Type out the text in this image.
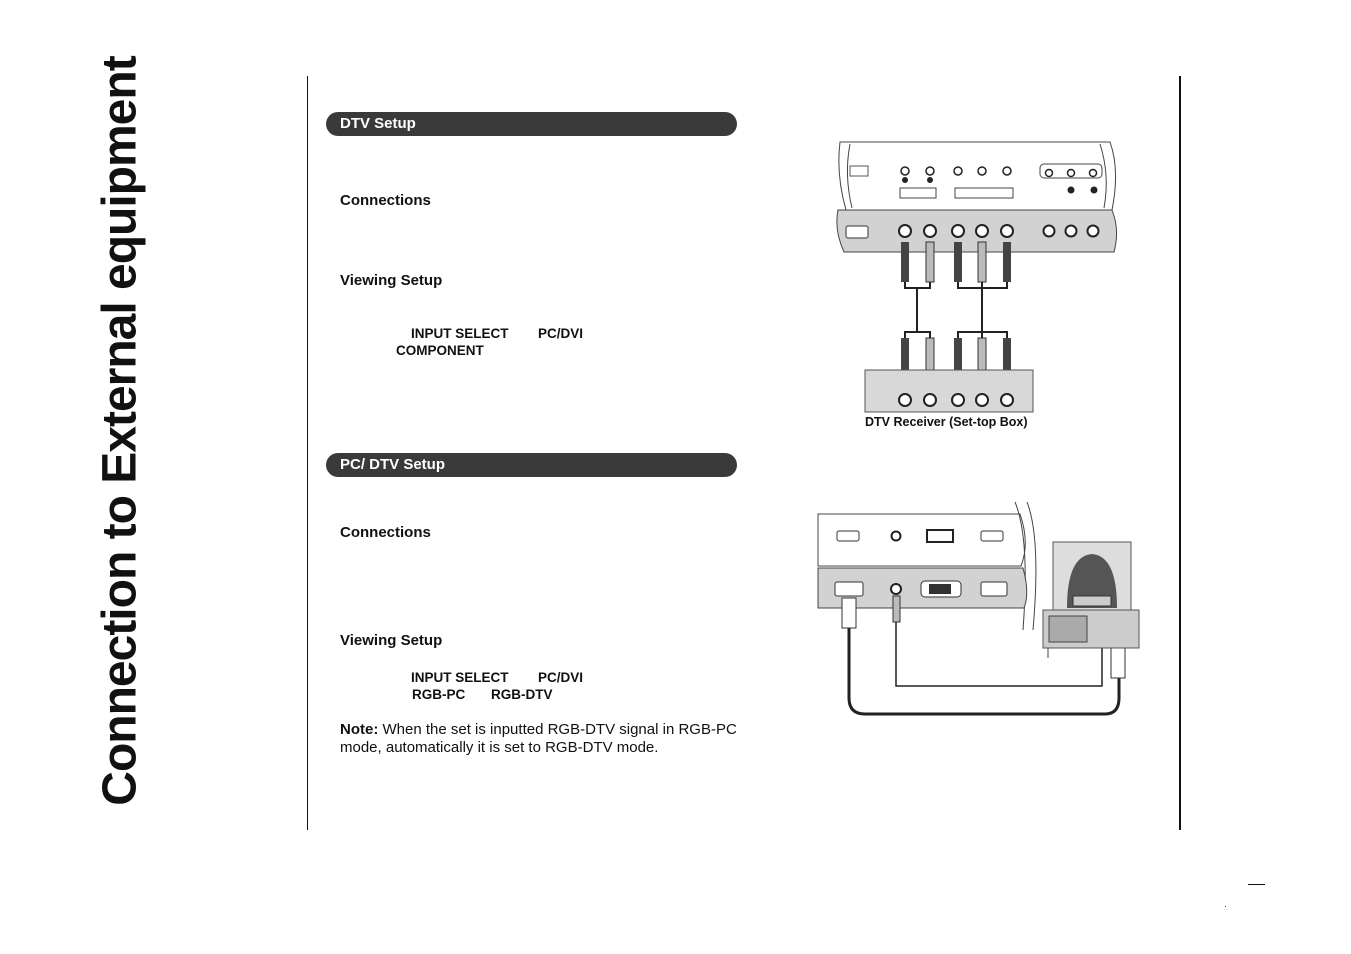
Connection to External equipment	DTV Setup
Connections
Viewing Setup
INPUT SELECT PC/DVI
COMPONENT
PC/ DTV Setup
Connections
Viewing Setup
INPUT SELECT PC/DVI
RGB-PC RGB-DTV
Note: When the set is inputted RGB-DTV signal in RGB-PC mode, automatically it is set to RGB-DTV mode.
DTV Receiver (Set-top Box)
